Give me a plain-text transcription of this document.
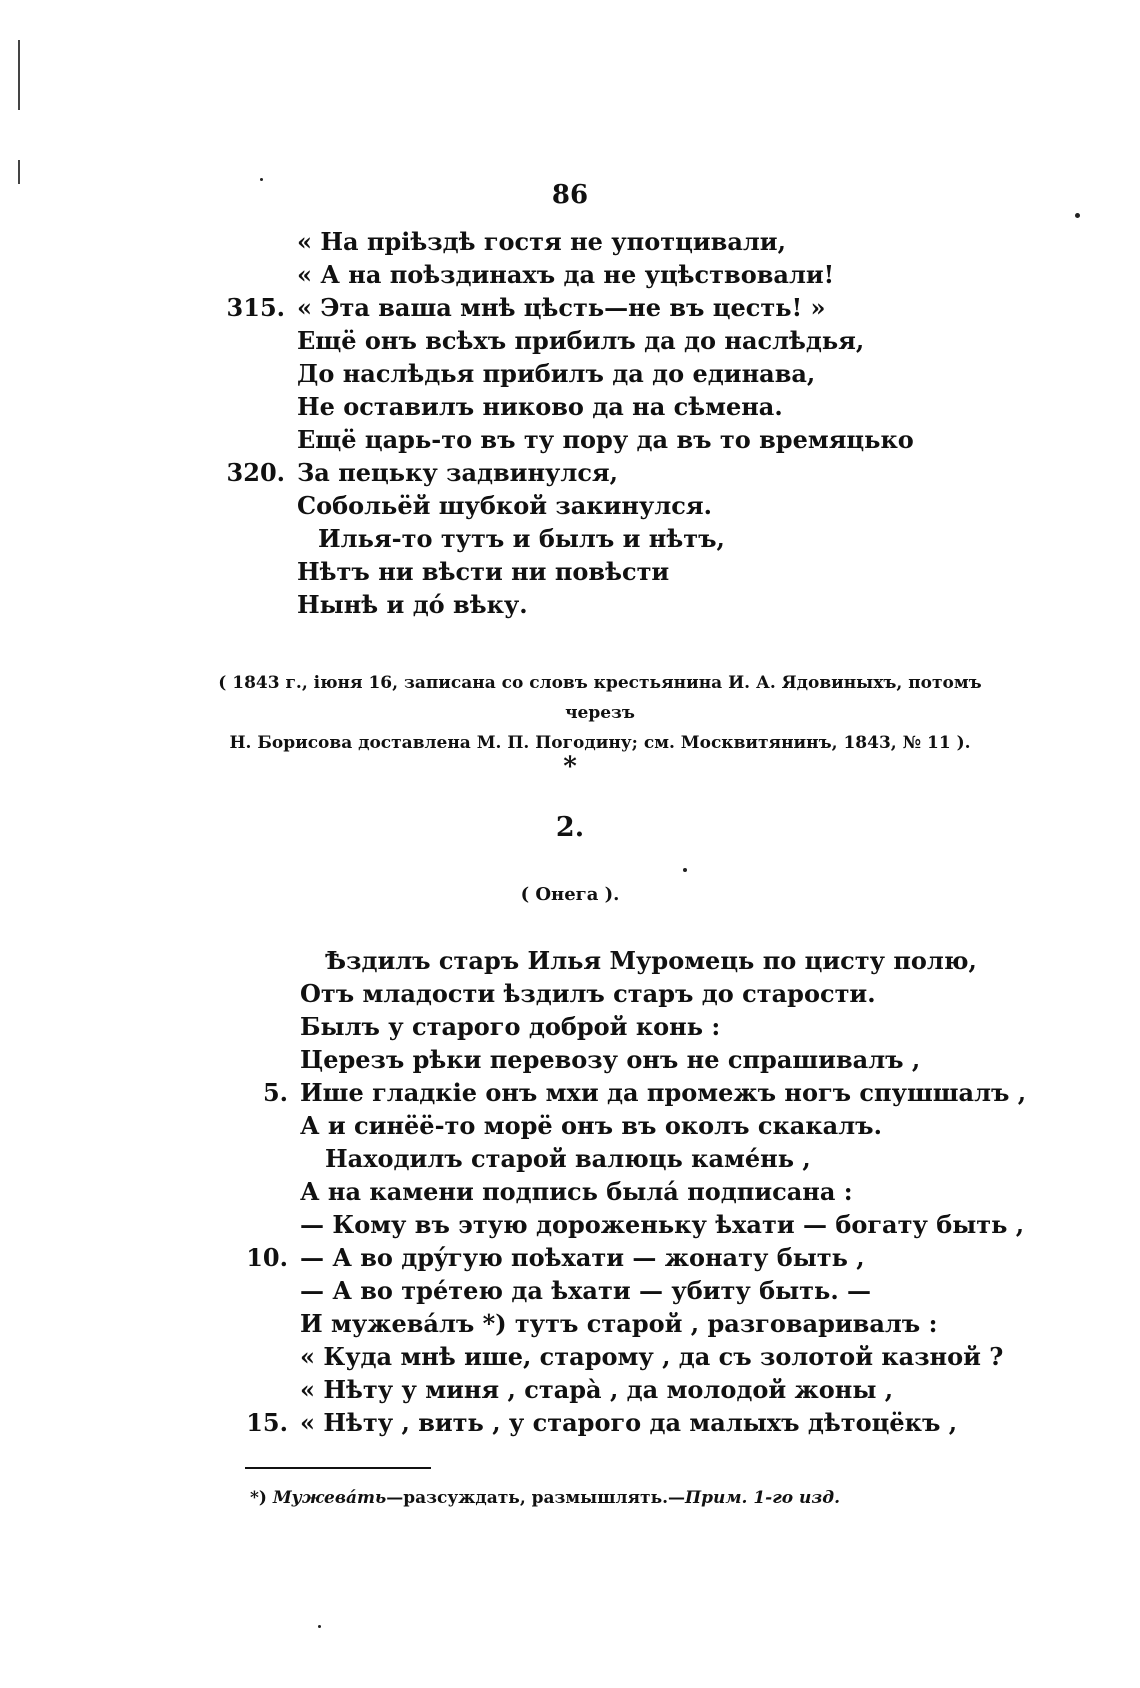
86
« На пріѣздѣ гостя не употцивали,
« А на поѣздинахъ да не уцѣствовали!
315. « Эта ваша мнѣ цѣсть—не въ цесть! »
Ещё онъ всѣхъ прибилъ да до наслѣдья,
До наслѣдья прибилъ да до единава,
Не оставилъ никово да на сѣмена.
Ещё царь-то въ ту пору да въ то времяцько
320. За пецьку задвинулся,
Собольёй шубкой закинулся.
Илья-то тутъ и былъ и нѣтъ,
Нѣтъ ни вѣсти ни повѣсти
Нынѣ и дó вѣку.
( 1843 г., iюня 16, записана со словъ крестьянина И. А. Ядовиныхъ, потомъ черезъ
Н. Борисова доставлена М. П. Погодину; см. Москвитянинъ, 1843, № 11 ).
*
2.
( Онега ).
Ѣздилъ старъ Илья Муромець по цисту полю,
Отъ младости ѣздилъ старъ до старости.
Былъ у старого доброй конь :
Церезъ рѣки перевозу онъ не спрашивалъ ,
5. Ише гладкіе онъ мхи да промежъ ногъ спушшалъ ,
А и синёё-то морё онъ въ околъ скакалъ.
Находилъ старой валюць камéнь ,
А на камени подпись былá подписана :
— Кому въ этую дороженьку ѣхати — богату быть ,
10. — А во дрýгую поѣхати — жонату быть ,
— А во трéтею да ѣхати — убиту быть. —
И мужевáлъ *) тутъ старой , разговаривалъ :
« Куда мнѣ ише, старому , да съ золотой казной ?
« Нѣту у миня , старà , да молодой жоны ,
15. « Нѣту , вить , у старого да малыхъ дѣтоцёкъ ,
*) Мужевáть—разсуждать, размышлять.—Прим. 1-го изд.
